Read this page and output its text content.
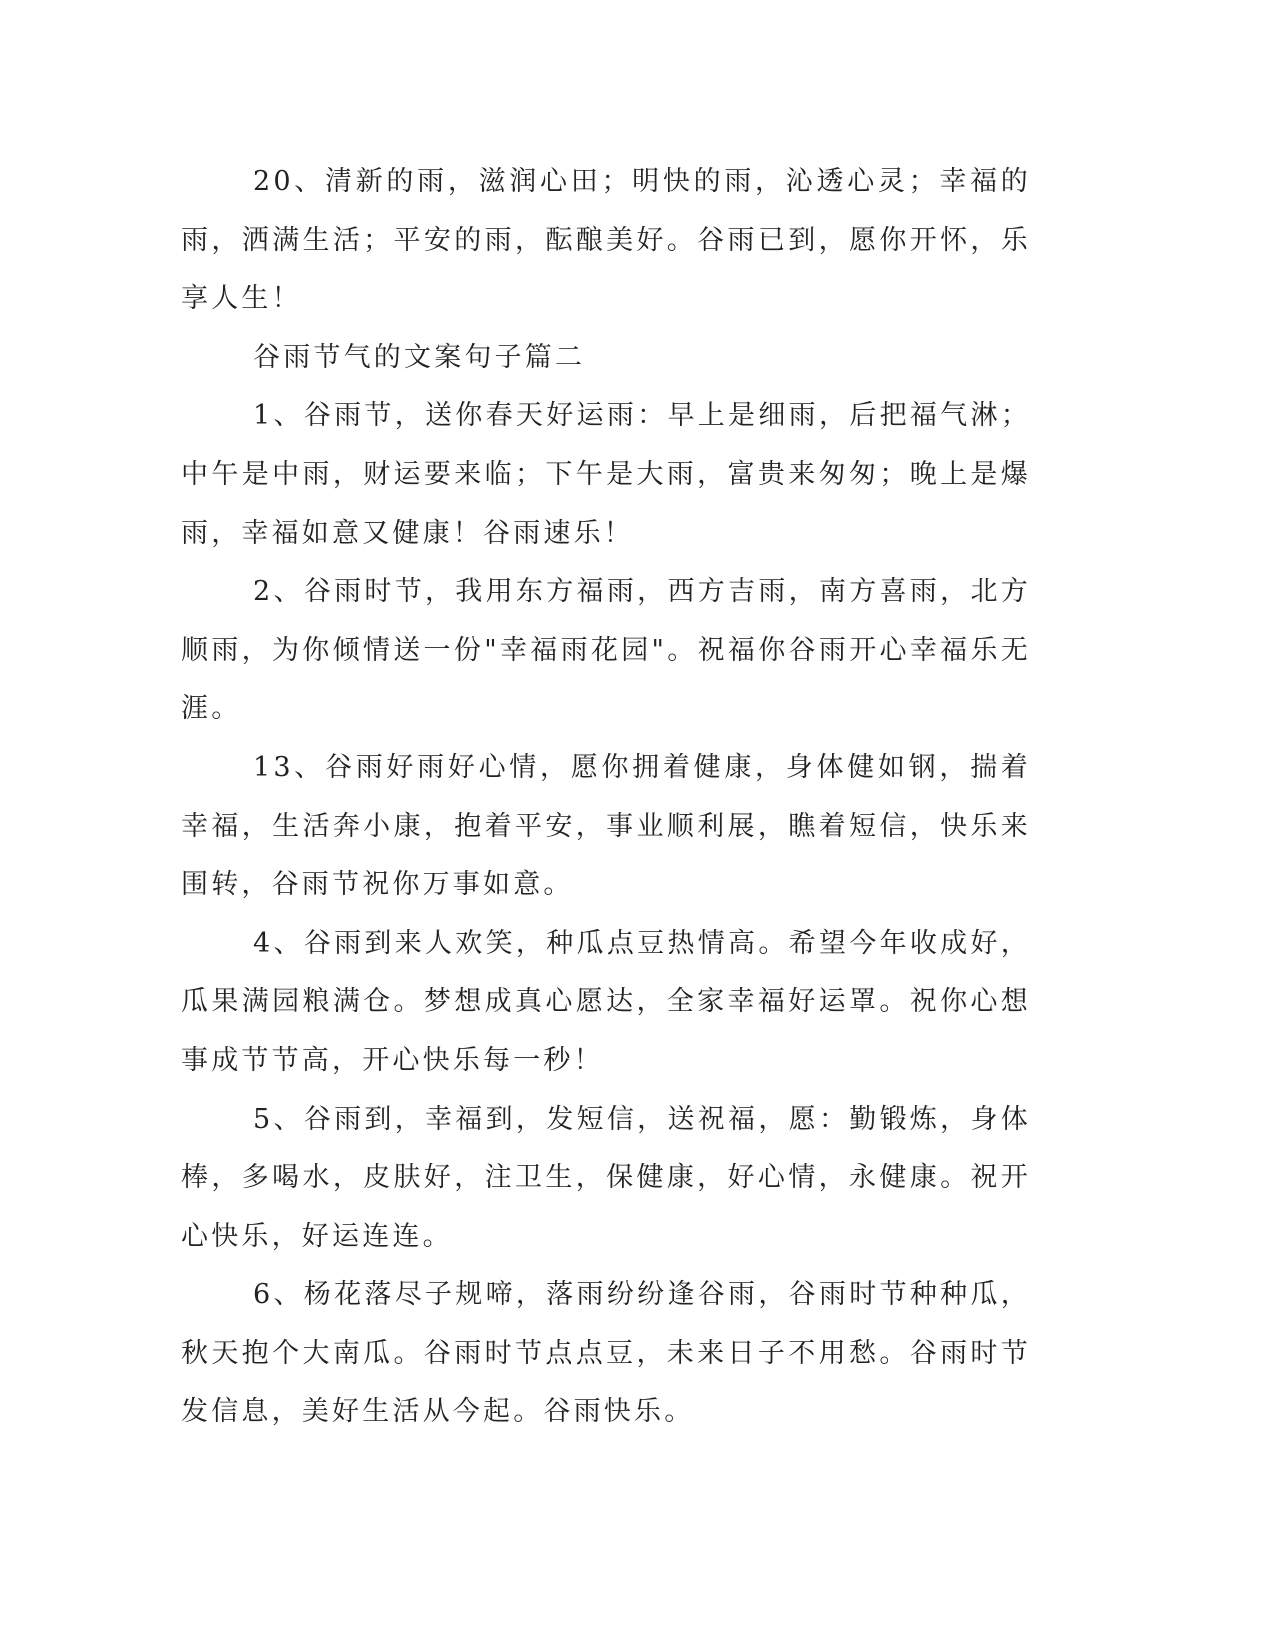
20、清新的雨，滋润心田；明快的雨，沁透心灵；幸福的雨，洒满生活；平安的雨，酝酿美好。谷雨已到，愿你开怀，乐享人生！

谷雨节气的文案句子篇二

1、谷雨节，送你春天好运雨：早上是细雨，后把福气淋；中午是中雨，财运要来临；下午是大雨，富贵来匆匆；晚上是爆雨，幸福如意又健康！谷雨速乐！

2、谷雨时节，我用东方福雨，西方吉雨，南方喜雨，北方顺雨，为你倾情送一份"幸福雨花园"。祝福你谷雨开心幸福乐无涯。

13、谷雨好雨好心情，愿你拥着健康，身体健如钢，揣着幸福，生活奔小康，抱着平安，事业顺利展，瞧着短信，快乐来围转，谷雨节祝你万事如意。

4、谷雨到来人欢笑，种瓜点豆热情高。希望今年收成好，瓜果满园粮满仓。梦想成真心愿达，全家幸福好运罩。祝你心想事成节节高，开心快乐每一秒！

5、谷雨到，幸福到，发短信，送祝福，愿：勤锻炼，身体棒，多喝水，皮肤好，注卫生，保健康，好心情，永健康。祝开心快乐，好运连连。

6、杨花落尽子规啼，落雨纷纷逢谷雨，谷雨时节种种瓜，秋天抱个大南瓜。谷雨时节点点豆，未来日子不用愁。谷雨时节发信息，美好生活从今起。谷雨快乐。
